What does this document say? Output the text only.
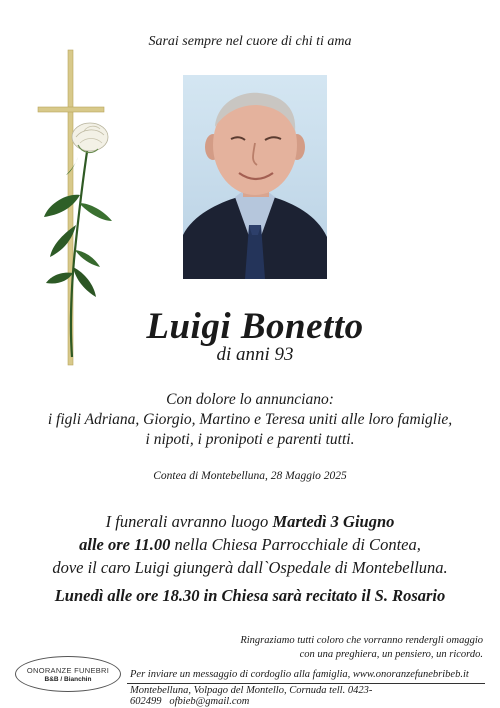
Sarai sempre nel cuore di chi ti ama
Luigi Bonetto
di anni 93
Con dolore lo annunciano:
i figli Adriana, Giorgio, Martino e Teresa uniti alle loro famiglie,
i nipoti, i pronipoti e parenti tutti.
Contea di Montebelluna, 28 Maggio 2025
I funerali avranno luogo Martedì 3 Giugno
alle ore 11.00 nella Chiesa Parrocchiale di Contea,
dove il caro Luigi giungerà dall`Ospedale di Montebelluna.
Lunedì alle ore 18.30 in Chiesa sarà recitato il S. Rosario
Ringraziamo tutti coloro che vorranno rendergli omaggio
con una preghiera, un pensiero, un ricordo.
ONORANZE FUNEBRI
B&B / Bianchin	Per inviare un messaggio di cordoglio alla famiglia, www.onoranzefunebribeb.it
Montebelluna, Volpago del Montello, Cornuda tell. 0423-602499 ofbieb@gmail.com
